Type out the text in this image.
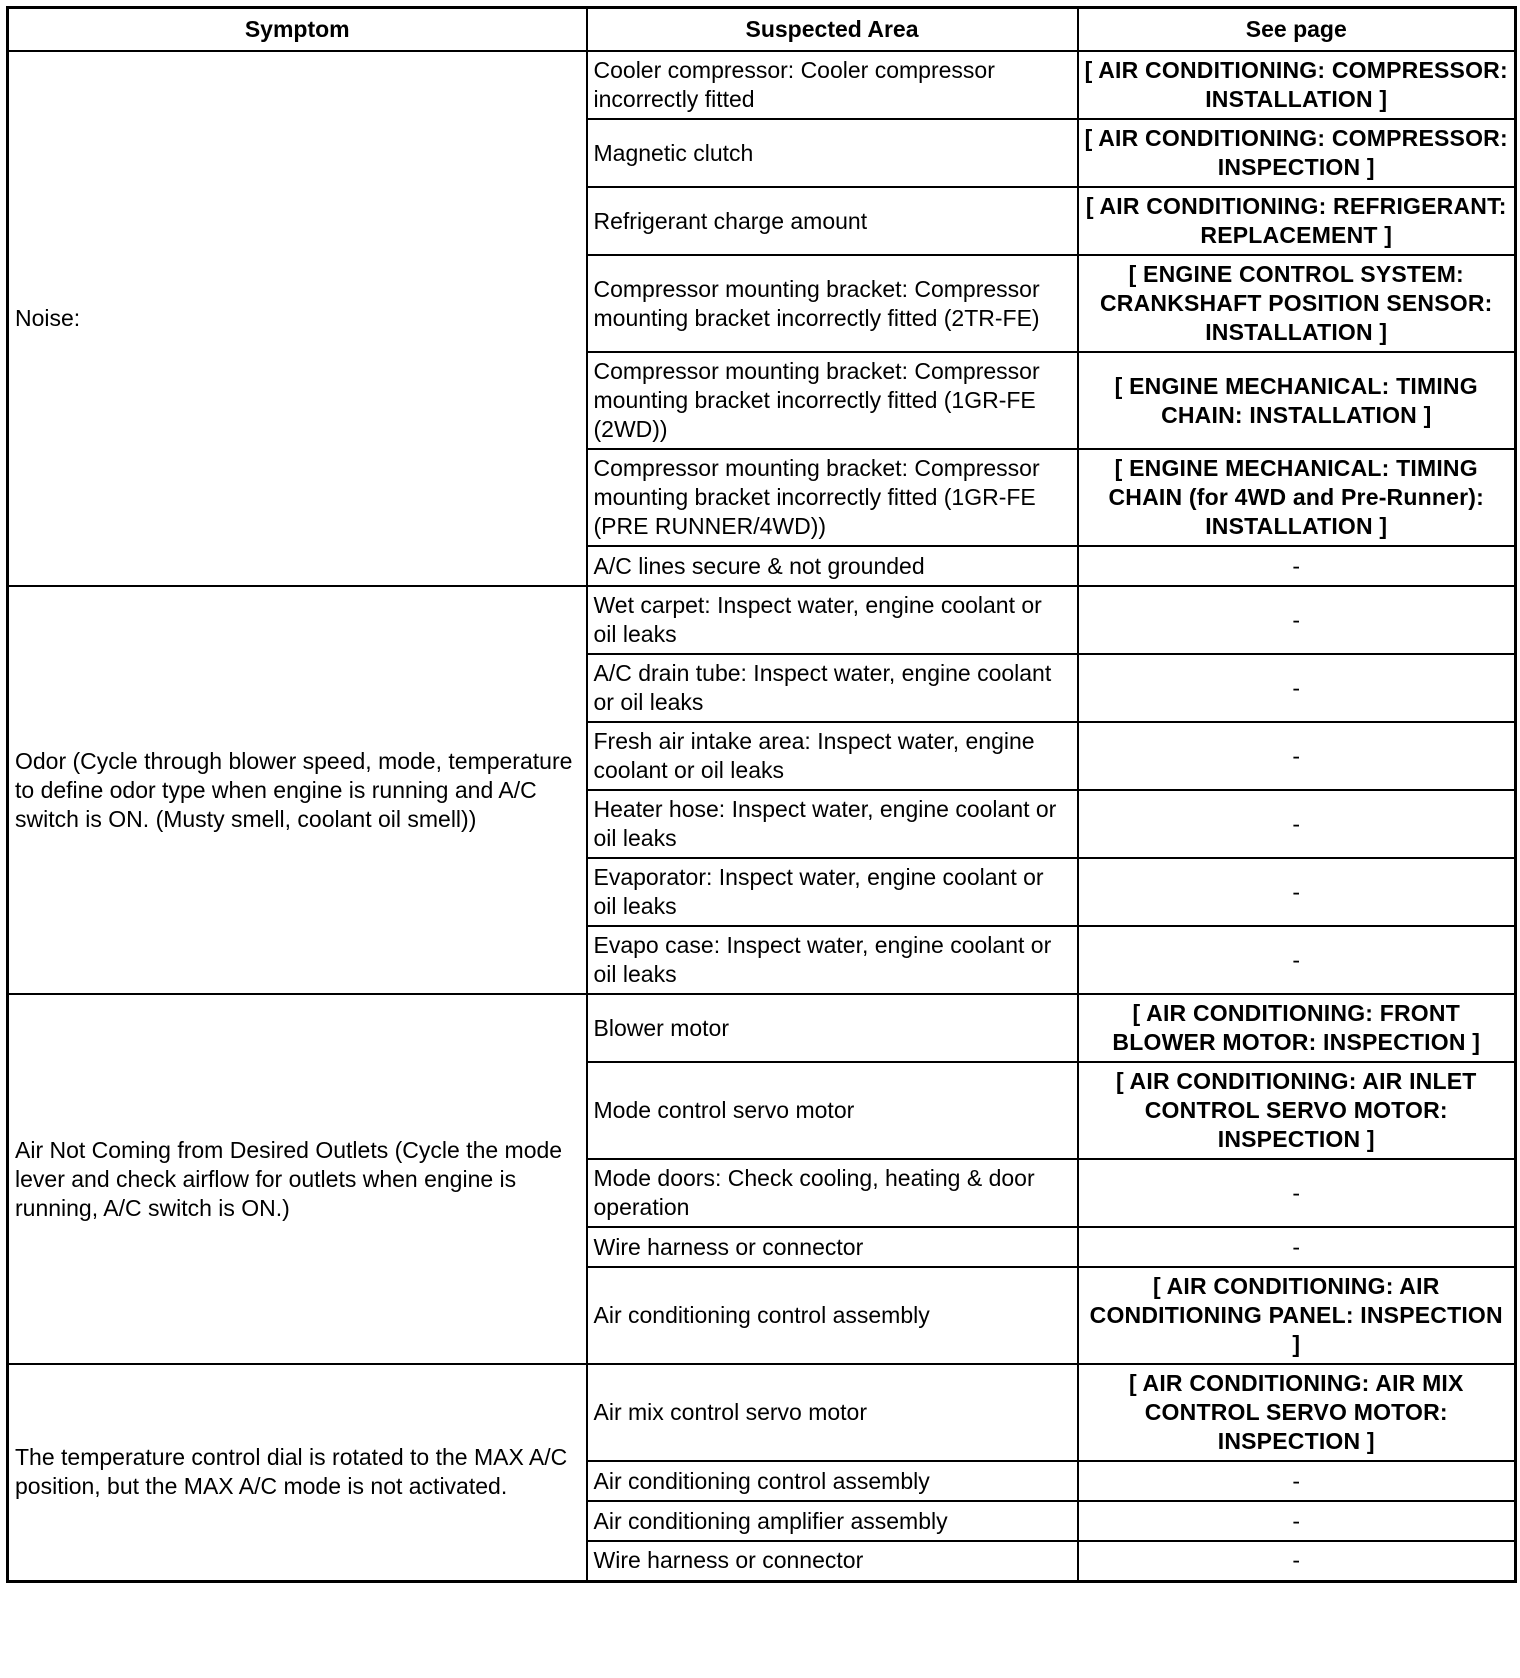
Symptom	Suspected Area	See page
Noise:	Cooler compressor: Cooler compressor incorrectly fitted	[ AIR CONDITIONING: COMPRESSOR: INSTALLATION ]
	Magnetic clutch	[ AIR CONDITIONING: COMPRESSOR: INSPECTION ]
	Refrigerant charge amount	[ AIR CONDITIONING: REFRIGERANT: REPLACEMENT ]
	Compressor mounting bracket: Compressor mounting bracket incorrectly fitted (2TR-FE)	[ ENGINE CONTROL SYSTEM: CRANKSHAFT POSITION SENSOR: INSTALLATION ]
	Compressor mounting bracket: Compressor mounting bracket incorrectly fitted (1GR-FE (2WD))	[ ENGINE MECHANICAL: TIMING CHAIN: INSTALLATION ]
	Compressor mounting bracket: Compressor mounting bracket incorrectly fitted (1GR-FE (PRE RUNNER/4WD))	[ ENGINE MECHANICAL: TIMING CHAIN (for 4WD and Pre-Runner): INSTALLATION ]
	A/C lines secure & not grounded	-
Odor (Cycle through blower speed, mode, temperature to define odor type when engine is running and A/C switch is ON. (Musty smell, coolant oil smell))	Wet carpet: Inspect water, engine coolant or oil leaks	-
	A/C drain tube: Inspect water, engine coolant or oil leaks	-
	Fresh air intake area: Inspect water, engine coolant or oil leaks	-
	Heater hose: Inspect water, engine coolant or oil leaks	-
	Evaporator: Inspect water, engine coolant or oil leaks	-
	Evapo case: Inspect water, engine coolant or oil leaks	-
Air Not Coming from Desired Outlets (Cycle the mode lever and check airflow for outlets when engine is running, A/C switch is ON.)	Blower motor	[ AIR CONDITIONING: FRONT BLOWER MOTOR: INSPECTION ]
	Mode control servo motor	[ AIR CONDITIONING: AIR INLET CONTROL SERVO MOTOR: INSPECTION ]
	Mode doors: Check cooling, heating & door operation	-
	Wire harness or connector	-
	Air conditioning control assembly	[ AIR CONDITIONING: AIR CONDITIONING PANEL: INSPECTION ]
The temperature control dial is rotated to the MAX A/C position, but the MAX A/C mode is not activated.	Air mix control servo motor	[ AIR CONDITIONING: AIR MIX CONTROL SERVO MOTOR: INSPECTION ]
	Air conditioning control assembly	-
	Air conditioning amplifier assembly	-
	Wire harness or connector	-
